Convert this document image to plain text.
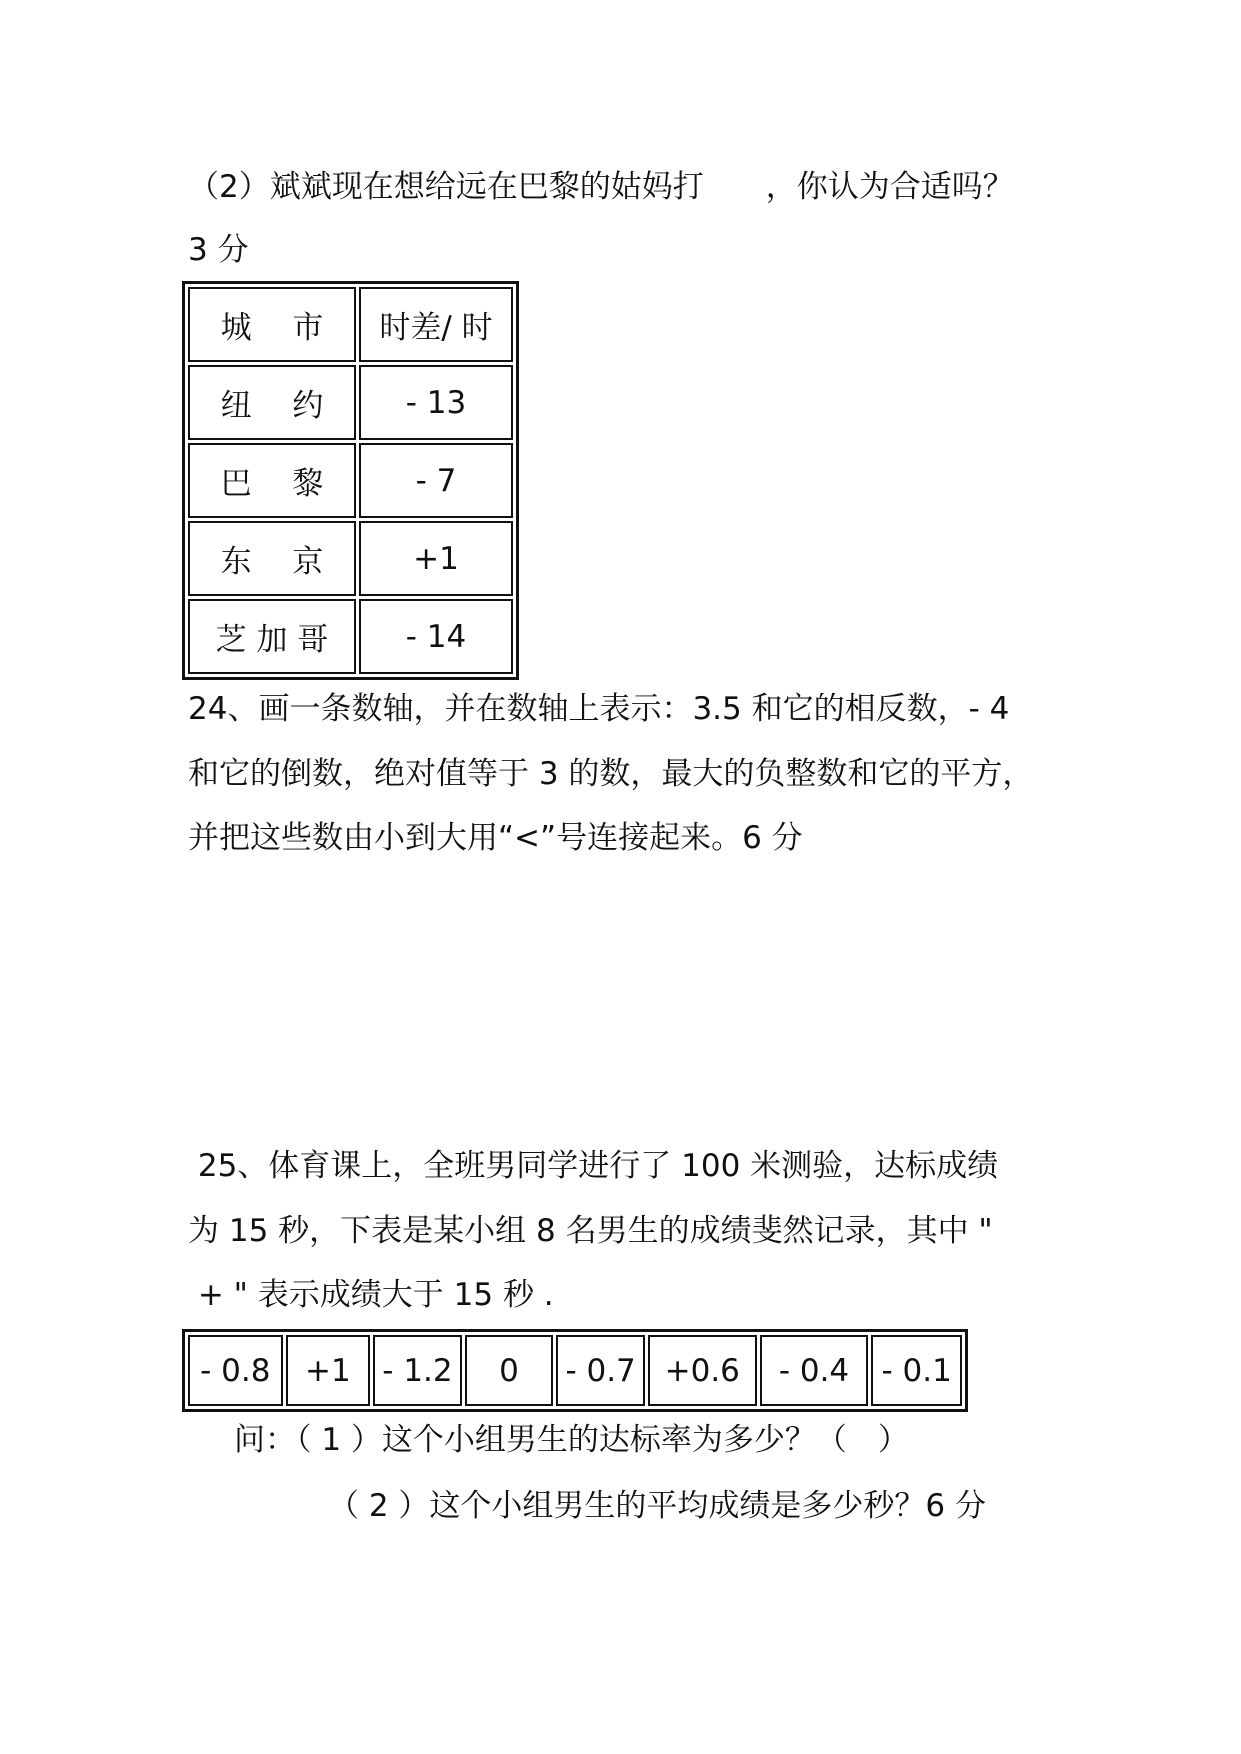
（2）斌斌现在想给远在巴黎的姑妈打　　，你认为合适吗？
3 分
城　 市	时差/ 时
纽　 约	- 13
巴　 黎	- 7
东　 京	+1
芝 加 哥	- 14
24、画一条数轴，并在数轴上表示：3.5 和它的相反数，- 4
和它的倒数，绝对值等于 3 的数，最大的负整数和它的平方，
并把这些数由小到大用“<”号连接起来。6 分
25、体育课上，全班男同学进行了 100 米测验，达标成绩
为 15 秒，下表是某小组 8 名男生的成绩斐然记录，其中 "
+ " 表示成绩大于 15 秒 .
- 0.8	+1	- 1.2	0	- 0.7	+0.6	- 0.4	- 0.1
问：（ 1 ）这个小组男生的达标率为多少？（　）
（ 2 ）这个小组男生的平均成绩是多少秒？6 分
